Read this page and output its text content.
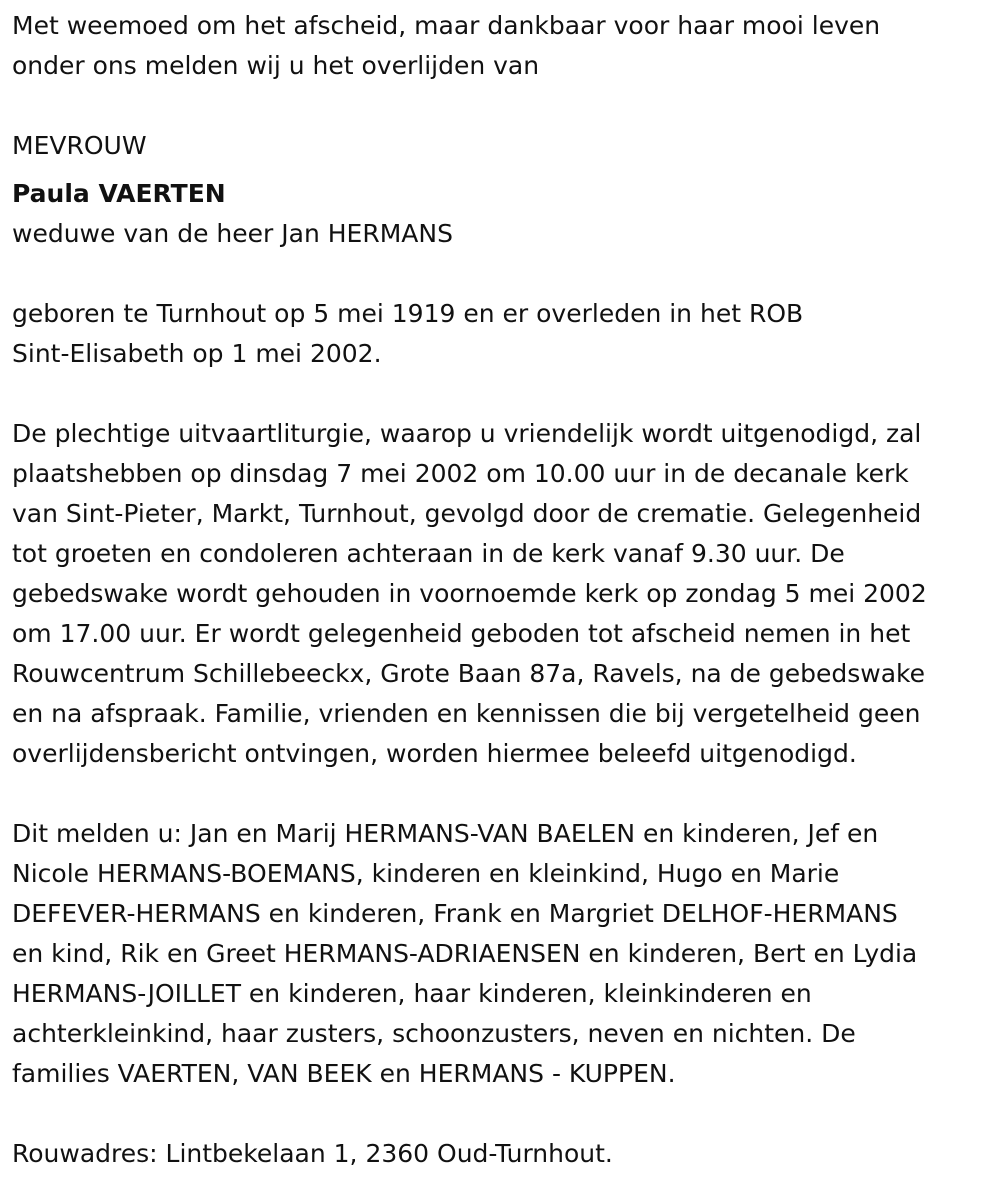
Met weemoed om het afscheid, maar dankbaar voor haar mooi leven
onder ons melden wij u het overlijden van

MEVROUW

Paula VAERTEN

weduwe van de heer Jan HERMANS

geboren te Turnhout op 5 mei 1919 en er overleden in het ROB
Sint-Elisabeth op 1 mei 2002.

De plechtige uitvaartliturgie, waarop u vriendelijk wordt uitgenodigd, zal
plaatshebben op dinsdag 7 mei 2002 om 10.00 uur in de decanale kerk
van Sint-Pieter, Markt, Turnhout, gevolgd door de crematie. Gelegenheid
tot groeten en condoleren achteraan in de kerk vanaf 9.30 uur. De
gebedswake wordt gehouden in voornoemde kerk op zondag 5 mei 2002
om 17.00 uur. Er wordt gelegenheid geboden tot afscheid nemen in het
Rouwcentrum Schillebeeckx, Grote Baan 87a, Ravels, na de gebedswake
en na afspraak. Familie, vrienden en kennissen die bij vergetelheid geen
overlijdensbericht ontvingen, worden hiermee beleefd uitgenodigd.

Dit melden u: Jan en Marij HERMANS-VAN BAELEN en kinderen, Jef en
Nicole HERMANS-BOEMANS, kinderen en kleinkind, Hugo en Marie
DEFEVER-HERMANS en kinderen, Frank en Margriet DELHOF-HERMANS
en kind, Rik en Greet HERMANS-ADRIAENSEN en kinderen, Bert en Lydia
HERMANS-JOILLET en kinderen, haar kinderen, kleinkinderen en
achterkleinkind, haar zusters, schoonzusters, neven en nichten. De
families VAERTEN, VAN BEEK en HERMANS - KUPPEN.

Rouwadres: Lintbekelaan 1, 2360 Oud-Turnhout.
